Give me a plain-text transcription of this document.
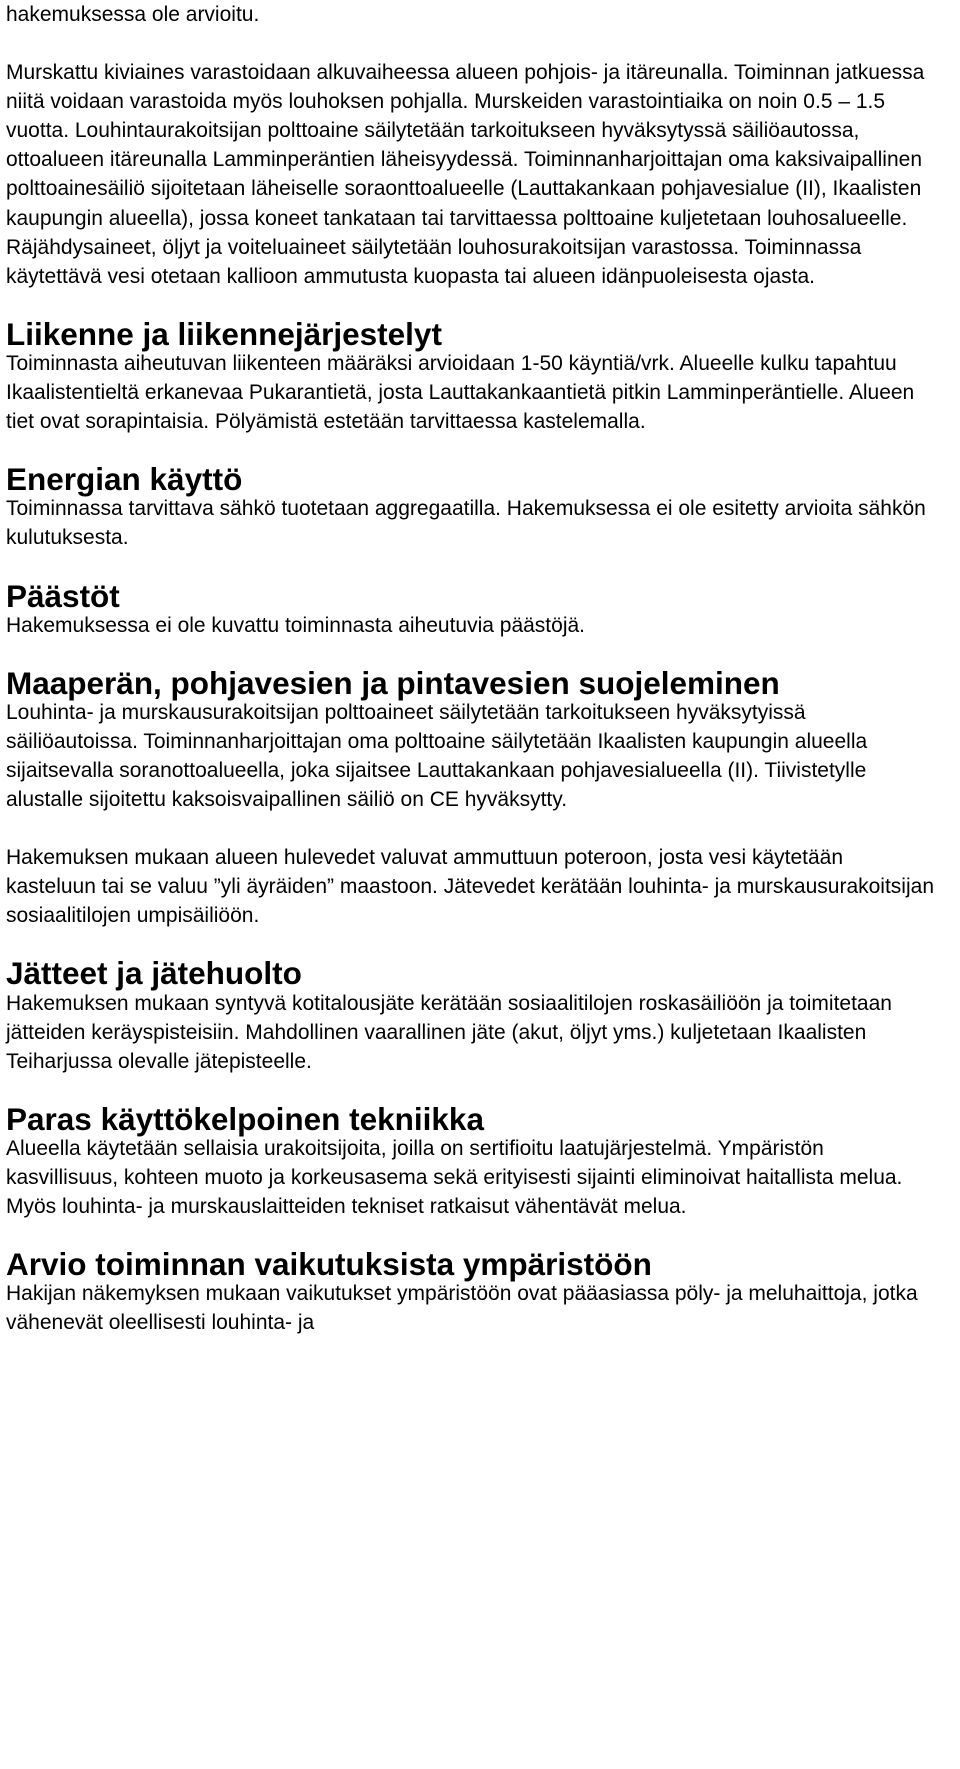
hakemuksessa ole arvioitu.

Murskattu kiviaines varastoidaan alkuvaiheessa alueen pohjois- ja itäreunalla. Toiminnan jatkuessa niitä voidaan varastoida myös louhoksen pohjalla. Murskeiden varastointiaika on noin 0.5 – 1.5 vuotta. Louhintaurakoitsijan polttoaine säilytetään tarkoitukseen hyväksytyssä säiliöautossa, ottoalueen itäreunalla Lamminperäntien läheisyydessä. Toiminnanharjoittajan oma kaksivaipallinen polttoainesäiliö sijoitetaan läheiselle soraonttoalueelle (Lauttakankaan pohjavesialue (II), Ikaalisten kaupungin alueella), jossa koneet tankataan tai tarvittaessa polttoaine kuljetetaan louhosalueelle. Räjähdysaineet, öljyt ja voiteluaineet säilytetään louhosurakoitsijan varastossa. Toiminnassa käytettävä vesi otetaan kallioon ammutusta kuopasta tai alueen idänpuoleisesta ojasta.

Liikenne ja liikennejärjestelyt

Toiminnasta aiheutuvan liikenteen määräksi arvioidaan 1-50 käyntiä/vrk. Alueelle kulku tapahtuu Ikaalistentieltä erkanevaa Pukarantietä, josta Lauttakankaantietä pitkin Lamminperäntielle. Alueen tiet ovat sorapintaisia. Pölyämistä estetään tarvittaessa kastelemalla.

Energian käyttö

Toiminnassa tarvittava sähkö tuotetaan aggregaatilla. Hakemuksessa ei ole esitetty arvioita sähkön kulutuksesta.

Päästöt

Hakemuksessa ei ole kuvattu toiminnasta aiheutuvia päästöjä.

Maaperän, pohjavesien ja pintavesien suojeleminen

Louhinta- ja murskausurakoitsijan polttoaineet säilytetään tarkoitukseen hyväksytyissä säiliöautoissa. Toiminnanharjoittajan oma polttoaine säilytetään Ikaalisten kaupungin alueella sijaitsevalla soranottoalueella, joka sijaitsee Lauttakankaan pohjavesialueella (II). Tiivistetylle alustalle sijoitettu kaksoisvaipallinen säiliö on CE hyväksytty.

Hakemuksen mukaan alueen hulevedet valuvat ammuttuun poteroon, josta vesi käytetään kasteluun tai se valuu ”yli äyräiden” maastoon. Jätevedet kerätään louhinta- ja murskausurakoitsijan sosiaalitilojen umpisäiliöön.

Jätteet ja jätehuolto

Hakemuksen mukaan syntyvä kotitalousjäte kerätään sosiaalitilojen roskasäiliöön ja toimitetaan jätteiden keräyspisteisiin. Mahdollinen vaarallinen jäte (akut, öljyt yms.) kuljetetaan Ikaalisten Teiharjussa olevalle jätepisteelle.

Paras käyttökelpoinen tekniikka

Alueella käytetään sellaisia urakoitsijoita, joilla on sertifioitu laatujärjestelmä. Ympäristön kasvillisuus, kohteen muoto ja korkeusasema sekä erityisesti sijainti eliminoivat haitallista melua. Myös louhinta- ja murskauslaitteiden tekniset ratkaisut vähentävät melua.

Arvio toiminnan vaikutuksista ympäristöön

Hakijan näkemyksen mukaan vaikutukset ympäristöön ovat pääasiassa pöly- ja meluhaittoja, jotka vähenevät oleellisesti louhinta- ja
